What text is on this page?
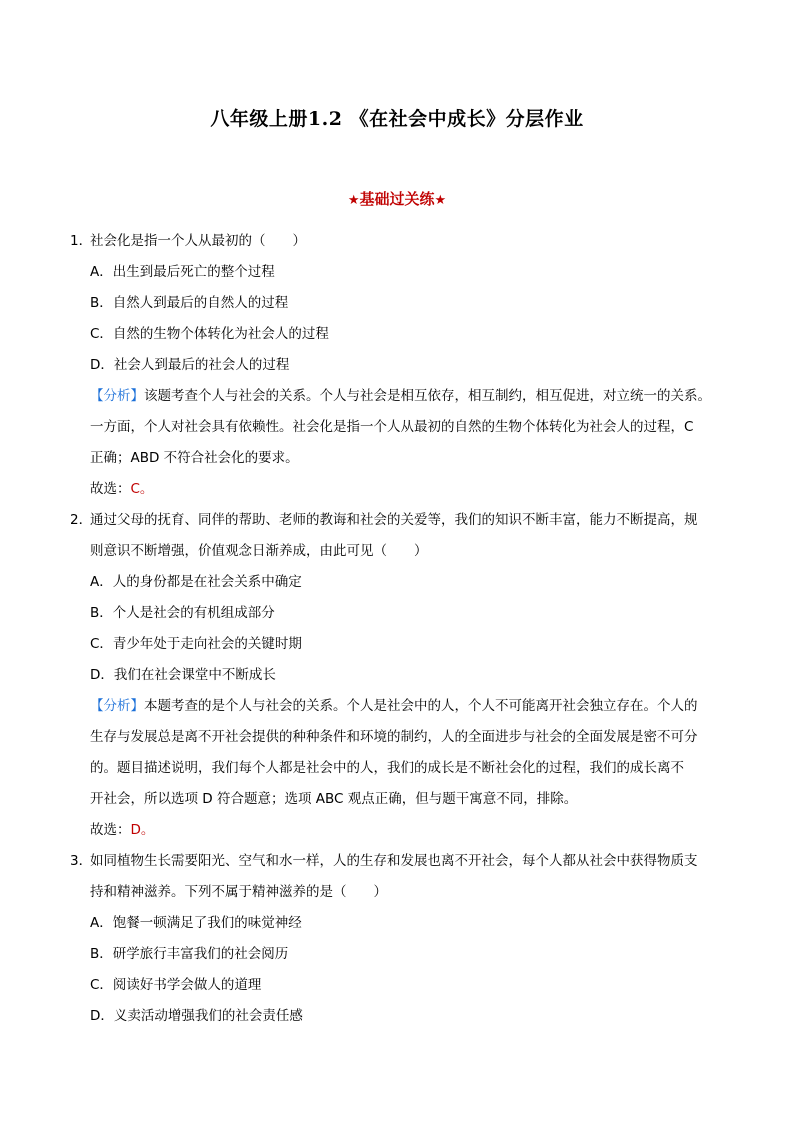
八年级上册1.2 《在社会中成长》分层作业
★基础过关练★
1．社会化是指一个人从最初的（　　）
A．出生到最后死亡的整个过程
B．自然人到最后的自然人的过程
C．自然的生物个体转化为社会人的过程
D．社会人到最后的社会人的过程
【分析】该题考查个人与社会的关系。个人与社会是相互依存，相互制约，相互促进，对立统一的关系。
一方面，个人对社会具有依赖性。社会化是指一个人从最初的自然的生物个体转化为社会人的过程，C
正确；ABD 不符合社会化的要求。
故选：C。
2．通过父母的抚育、同伴的帮助、老师的教诲和社会的关爱等，我们的知识不断丰富，能力不断提高，规
则意识不断增强，价值观念日渐养成，由此可见（　　）
A．人的身份都是在社会关系中确定
B．个人是社会的有机组成部分
C．青少年处于走向社会的关键时期
D．我们在社会课堂中不断成长
【分析】本题考查的是个人与社会的关系。个人是社会中的人，个人不可能离开社会独立存在。个人的
生存与发展总是离不开社会提供的种种条件和环境的制约，人的全面进步与社会的全面发展是密不可分
的。题目描述说明，我们每个人都是社会中的人，我们的成长是不断社会化的过程，我们的成长离不
开社会，所以选项 D 符合题意；选项 ABC 观点正确，但与题干寓意不同，排除。
故选：D。
3．如同植物生长需要阳光、空气和水一样，人的生存和发展也离不开社会，每个人都从社会中获得物质支
持和精神滋养。下列不属于精神滋养的是（　　）
A．饱餐一顿满足了我们的味觉神经
B．研学旅行丰富我们的社会阅历
C．阅读好书学会做人的道理
D．义卖活动增强我们的社会责任感
